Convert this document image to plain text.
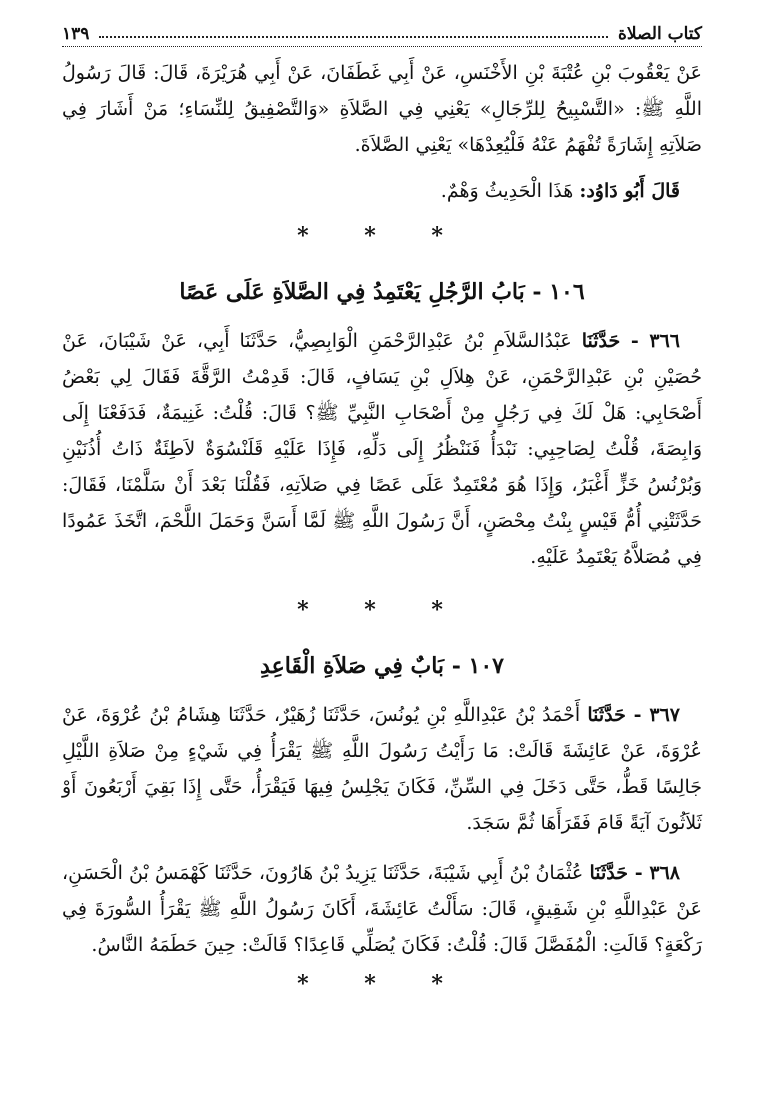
كتاب الصلاة
١٣٩

عَنْ يَعْقُوبَ بْنِ عُتْبَةَ بْنِ الأَخْنَسِ، عَنْ أَبِي غَطَفَانَ، عَنْ أَبِي هُرَيْرَةَ، قَالَ: قَالَ رَسُولُ اللَّهِ ﷺ: «التَّسْبِيحُ لِلرِّجَالِ» يَعْنِي فِي الصَّلاَةِ «وَالتَّصْفِيقُ لِلنِّسَاءِ؛ مَنْ أَشَارَ فِي صَلاَتِهِ إِشَارَةً تُفْهَمُ عَنْهُ فَلْيُعِدْهَا» يَعْنِي الصَّلاَةَ.

قَالَ أَبُو دَاوُد: هَذَا الْحَدِيثُ وَهْمٌ.

* * *
١٠٦ - بَابُ الرَّجُلِ يَعْتَمِدُ فِي الصَّلاَةِ عَلَى عَصًا

٣٦٦ - حَدَّثَنَا عَبْدُالسَّلاَمِ بْنُ عَبْدِالرَّحْمَنِ الْوَابِصِيُّ، حَدَّثَنَا أَبِي، عَنْ شَيْبَانَ، عَنْ حُصَيْنِ بْنِ عَبْدِالرَّحْمَنِ، عَنْ هِلاَلِ بْنِ يَسَافٍ، قَالَ: قَدِمْتُ الرَّقَّةَ فَقَالَ لِي بَعْضُ أَصْحَابِي: هَلْ لَكَ فِي رَجُلٍ مِنْ أَصْحَابِ النَّبِيِّ ﷺ؟ قَالَ: قُلْتُ: غَنِيمَةٌ، فَدَفَعْنَا إِلَى وَابِصَةَ، قُلْتُ لِصَاحِبِي: نَبْدَأُ فَنَنْظُرُ إِلَى دَلِّهِ، فَإِذَا عَلَيْهِ قَلَنْسُوَةٌ لاَطِئَةٌ ذَاتُ أُذُنَيْنِ وَبُرْنُسُ خَزٍّ أَغْبَرُ، وَإِذَا هُوَ مُعْتَمِدٌ عَلَى عَصًا فِي صَلاَتِهِ، فَقُلْنَا بَعْدَ أَنْ سَلَّمْنَا، فَقَالَ: حَدَّثَتْنِي أُمُّ قَيْسٍ بِنْتُ مِحْصَنٍ، أَنَّ رَسُولَ اللَّهِ ﷺ لَمَّا أَسَنَّ وَحَمَلَ اللَّحْمَ، اتَّخَذَ عَمُودًا فِي مُصَلاَّهُ يَعْتَمِدُ عَلَيْهِ.

* * *
١٠٧ - بَابٌ فِي صَلاَةِ الْقَاعِدِ

٣٦٧ - حَدَّثَنَا أَحْمَدُ بْنُ عَبْدِاللَّهِ بْنِ يُونُسَ، حَدَّثَنَا زُهَيْرٌ، حَدَّثَنَا هِشَامُ بْنُ عُرْوَةَ، عَنْ عُرْوَةَ، عَنْ عَائِشَةَ قَالَتْ: مَا رَأَيْتُ رَسُولَ اللَّهِ ﷺ يَقْرَأُ فِي شَيْءٍ مِنْ صَلاَةِ اللَّيْلِ جَالِسًا قَطُّ، حَتَّى دَخَلَ فِي السِّنِّ، فَكَانَ يَجْلِسُ فِيهَا فَيَقْرَأُ، حَتَّى إِذَا بَقِيَ أَرْبَعُونَ أَوْ ثَلاَثُونَ آيَةً قَامَ فَقَرَأَهَا ثُمَّ سَجَدَ.

٣٦٨ - حَدَّثَنَا عُثْمَانُ بْنُ أَبِي شَيْبَةَ، حَدَّثَنَا يَزِيدُ بْنُ هَارُونَ، حَدَّثَنَا كَهْمَسُ بْنُ الْحَسَنِ، عَنْ عَبْدِاللَّهِ بْنِ شَقِيقٍ، قَالَ: سَأَلْتُ عَائِشَةَ، أَكَانَ رَسُولُ اللَّهِ ﷺ يَقْرَأُ السُّورَةَ فِي رَكْعَةٍ؟ قَالَتِ: الْمُفَصَّلَ قَالَ: قُلْتُ: فَكَانَ يُصَلِّي قَاعِدًا؟ قَالَتْ: حِينَ حَطَمَهُ النَّاسُ.

* * *
